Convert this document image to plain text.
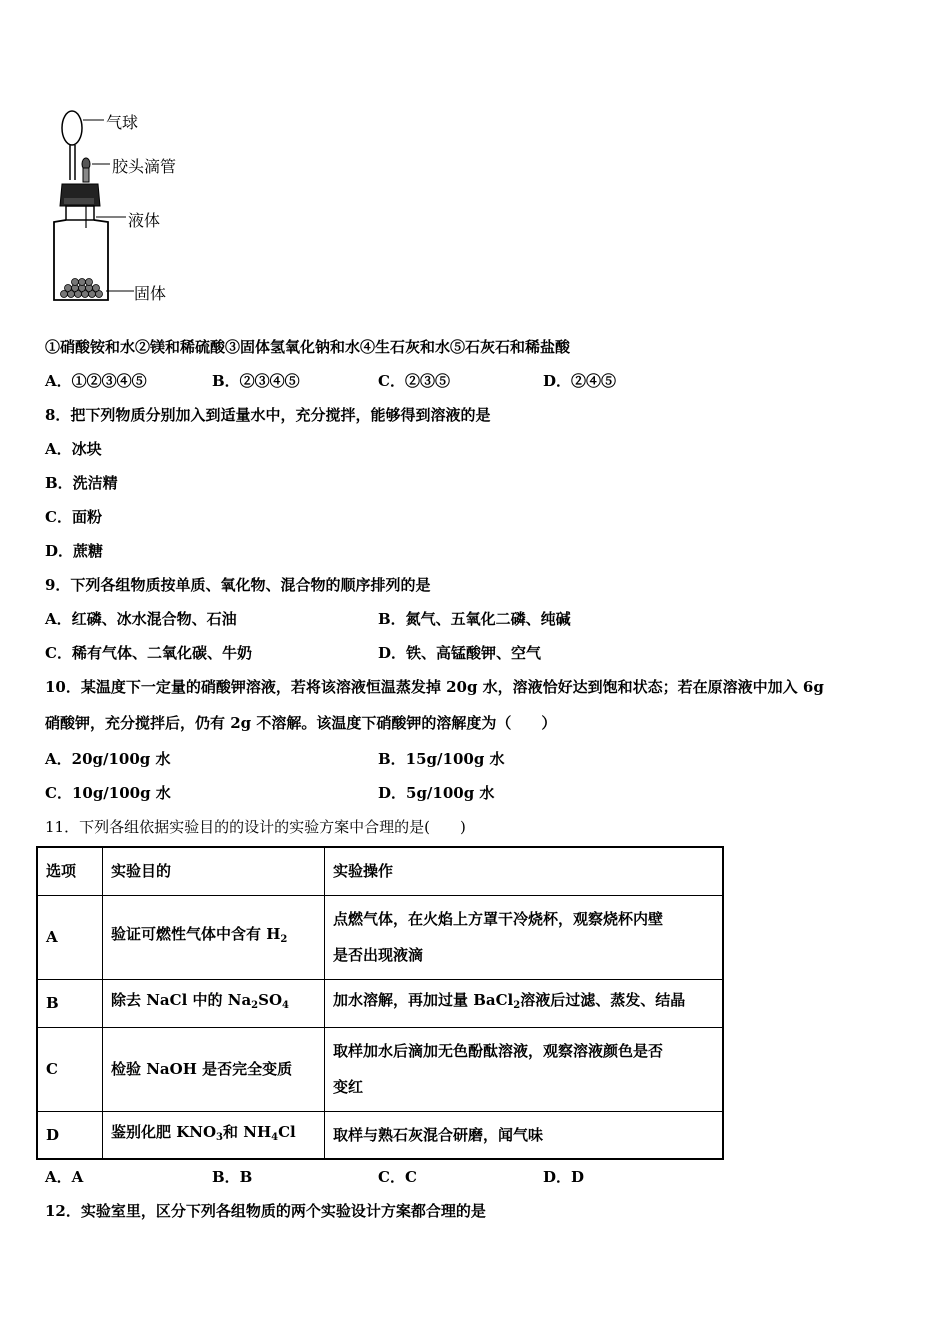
气球
胶头滴管
液体
固体
①硝酸铵和水②镁和稀硫酸③固体氢氧化钠和水④生石灰和水⑤石灰石和稀盐酸
A．①②③④⑤	B．②③④⑤	C．②③⑤	D．②④⑤
8．把下列物质分别加入到适量水中，充分搅拌，能够得到溶液的是
A．冰块
B．洗洁精
C．面粉
D．蔗糖
9．下列各组物质按单质、氧化物、混合物的顺序排列的是
A．红磷、冰水混合物、石油	B．氮气、五氧化二磷、纯碱
C．稀有气体、二氧化碳、牛奶	D．铁、高锰酸钾、空气
10．某温度下一定量的硝酸钾溶液，若将该溶液恒温蒸发掉 20g 水，溶液恰好达到饱和状态；若在原溶液中加入 6g
硝酸钾，充分搅拌后，仍有 2g 不溶解。该温度下硝酸钾的溶解度为（　　）
A．20g/100g 水	B．15g/100g 水
C．10g/100g 水	D．5g/100g 水
11．下列各组依据实验目的的设计的实验方案中合理的是(　　)
选项	实验目的	实验操作
A	验证可燃性气体中含有 $H_2$	点燃气体，在火焰上方罩干冷烧杯，观察烧杯内壁
是否出现液滴

B	除去 NaCl 中的 $Na_2SO_4$	加水溶解，再加过量 BaCl$_2$溶液后过滤、蒸发、结晶
C	检验 NaOH 是否完全变质	取样加水后滴加无色酚酞溶液，观察溶液颜色是否
变红

D	鉴别化肥 $KNO_3$和 $NH_4Cl$	取样与熟石灰混合研磨，闻气味
A．A	B．B	C．C	D．D
12．实验室里，区分下列各组物质的两个实验设计方案都合理的是
